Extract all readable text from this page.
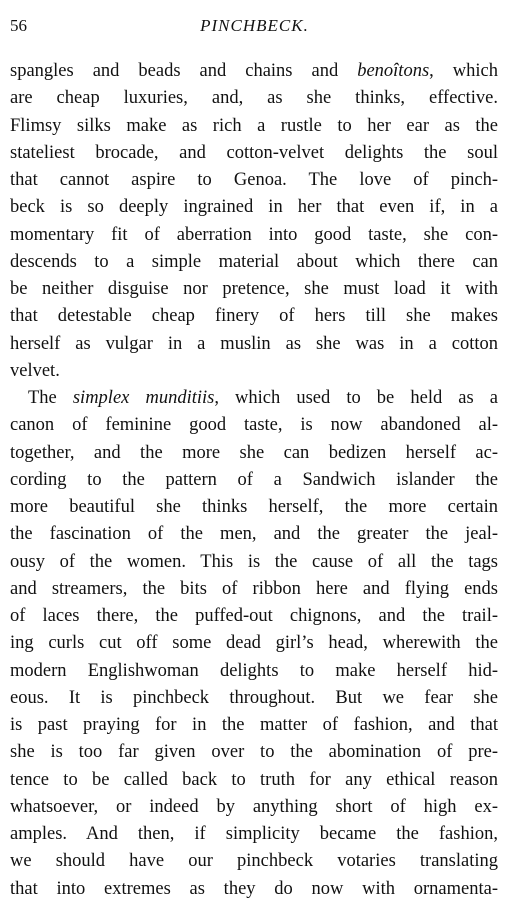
56	PINCHBECK.
spangles and beads and chains and benoîtons, which
are cheap luxuries, and, as she thinks, effective.
Flimsy silks make as rich a rustle to her ear as the
stateliest brocade, and cotton-velvet delights the soul
that cannot aspire to Genoa. The love of pinch-
beck is so deeply ingrained in her that even if, in a
momentary fit of aberration into good taste, she con-
descends to a simple material about which there can
be neither disguise nor pretence, she must load it with
that detestable cheap finery of hers till she makes
herself as vulgar in a muslin as she was in a cotton
velvet.
The simplex munditiis, which used to be held as a
canon of feminine good taste, is now abandoned al-
together, and the more she can bedizen herself ac-
cording to the pattern of a Sandwich islander the
more beautiful she thinks herself, the more certain
the fascination of the men, and the greater the jeal-
ousy of the women. This is the cause of all the tags
and streamers, the bits of ribbon here and flying ends
of laces there, the puffed-out chignons, and the trail-
ing curls cut off some dead girl’s head, wherewith the
modern Englishwoman delights to make herself hid-
eous. It is pinchbeck throughout. But we fear she
is past praying for in the matter of fashion, and that
she is too far given over to the abomination of pre-
tence to be called back to truth for any ethical reason
whatsoever, or indeed by anything short of high ex-
amples. And then, if simplicity became the fashion,
we should have our pinchbeck votaries translating
that into extremes as they do now with ornamenta-
